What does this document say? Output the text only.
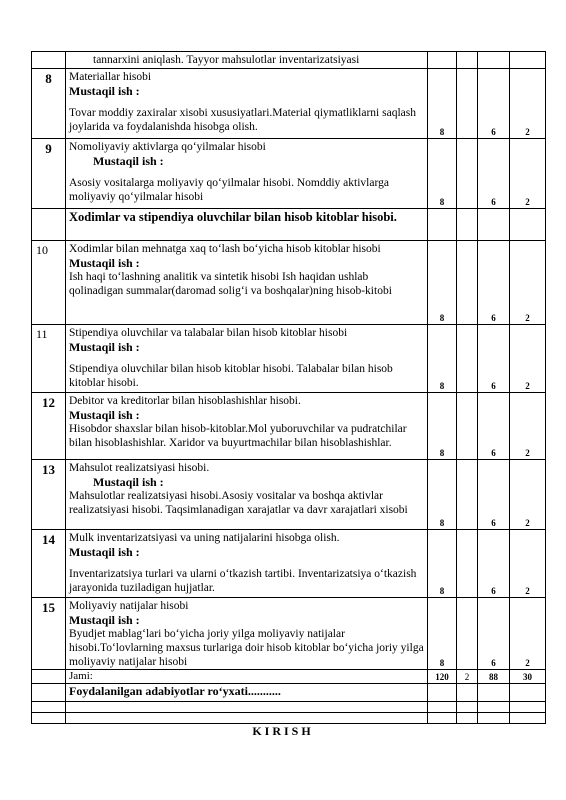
	tannarxini aniqlash. Tayyor mahsulotlar inventarizatsiyasi				

8	Materiallar hisobi
Mustaqil ish :
Tovar moddiy zaxiralar xisobi xususiyatlari.Material qiymatliklarni saqlash joylarida va foydalanishda hisobga olish.	8		6	2
9	Nomoliyaviy aktivlarga qo‘yilmalar hisobi
Mustaqil ish :
Asosiy vositalarga moliyaviy qo‘yilmalar hisobi. Nomddiy aktivlarga moliyaviy qo‘yilmalar hisobi	8		6	2
	Xodimlar va stipendiya oluvchilar bilan hisob kitoblar hisobi.				
10	Xodimlar bilan mehnatga xaq to‘lash bo‘yicha hisob kitoblar hisobi
Mustaqil ish :
Ish haqi to‘lashning analitik va sintetik hisobi Ish haqidan ushlab qolinadigan summalar(daromad solig‘i va boshqalar)ning hisob-kitobi	8		6	2
11	Stipendiya oluvchilar va talabalar bilan hisob kitoblar hisobi
Mustaqil ish :
Stipendiya oluvchilar bilan hisob kitoblar hisobi. Talabalar bilan hisob kitoblar hisobi.	8		6	2
12	Debitor va kreditorlar bilan hisoblashishlar hisobi.
Mustaqil ish :
Hisobdor shaxslar bilan hisob-kitoblar.Mol yuboruvchilar va pudratchilar bilan hisoblashishlar. Xaridor va buyurtmachilar bilan hisoblashishlar.	8		6	2
13	Mahsulot realizatsiyasi hisobi.
Mustaqil ish :
Mahsulotlar realizatsiyasi hisobi.Asosiy vositalar va boshqa aktivlar realizatsiyasi hisobi. Taqsimlanadigan xarajatlar va davr xarajatlari xisobi	8		6	2
14	Mulk inventarizatsiyasi va uning natijalarini hisobga olish.
Mustaqil ish :
Inventarizatsiya turlari va ularni o‘tkazish tartibi. Inventarizatsiya o‘tkazish jarayonida tuziladigan hujjatlar.	8		6	2
15	Moliyaviy natijalar hisobi
Mustaqil ish :
Byudjet mablag‘lari bo‘yicha joriy yilga moliyaviy natijalar hisobi.To‘lovlarning maxsus turlariga doir hisob kitoblar bo‘yicha joriy yilga moliyaviy natijalar hisobi	8		6	2
	Jami:	120	2	88	30
	Foydalanilgan adabiyotlar ro‘yxati...........				

KIRISH
